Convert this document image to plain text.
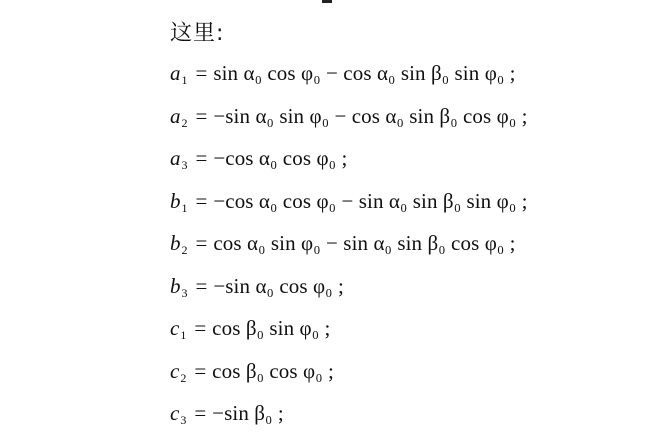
这里:
$a_1 = \sin \alpha_0$ cos φ₀ − cos α₀ sin β₀ sin φ₀ ;
$a_2 = -\sin$ α₀ sin φ₀ − cos α₀ sin β₀ cos φ₀ ;
$a_3 = -\cos$ α₀ cos φ₀ ;
$b_1 = -\cos$ α₀ cos φ₀ − sin α₀ sin β₀ sin φ₀ ;
$b_2 = \cos \alpha_0$ sin φ₀ − sin α₀ sin β₀ cos φ₀ ;
$b_3 = -\sin$ α₀ cos φ₀ ;
$c_1 = \cos \beta_0$ sin φ₀ ;
$c_2 = \cos \beta_0$ cos φ₀ ;
$c_3 = -\sin$ β₀ ;
